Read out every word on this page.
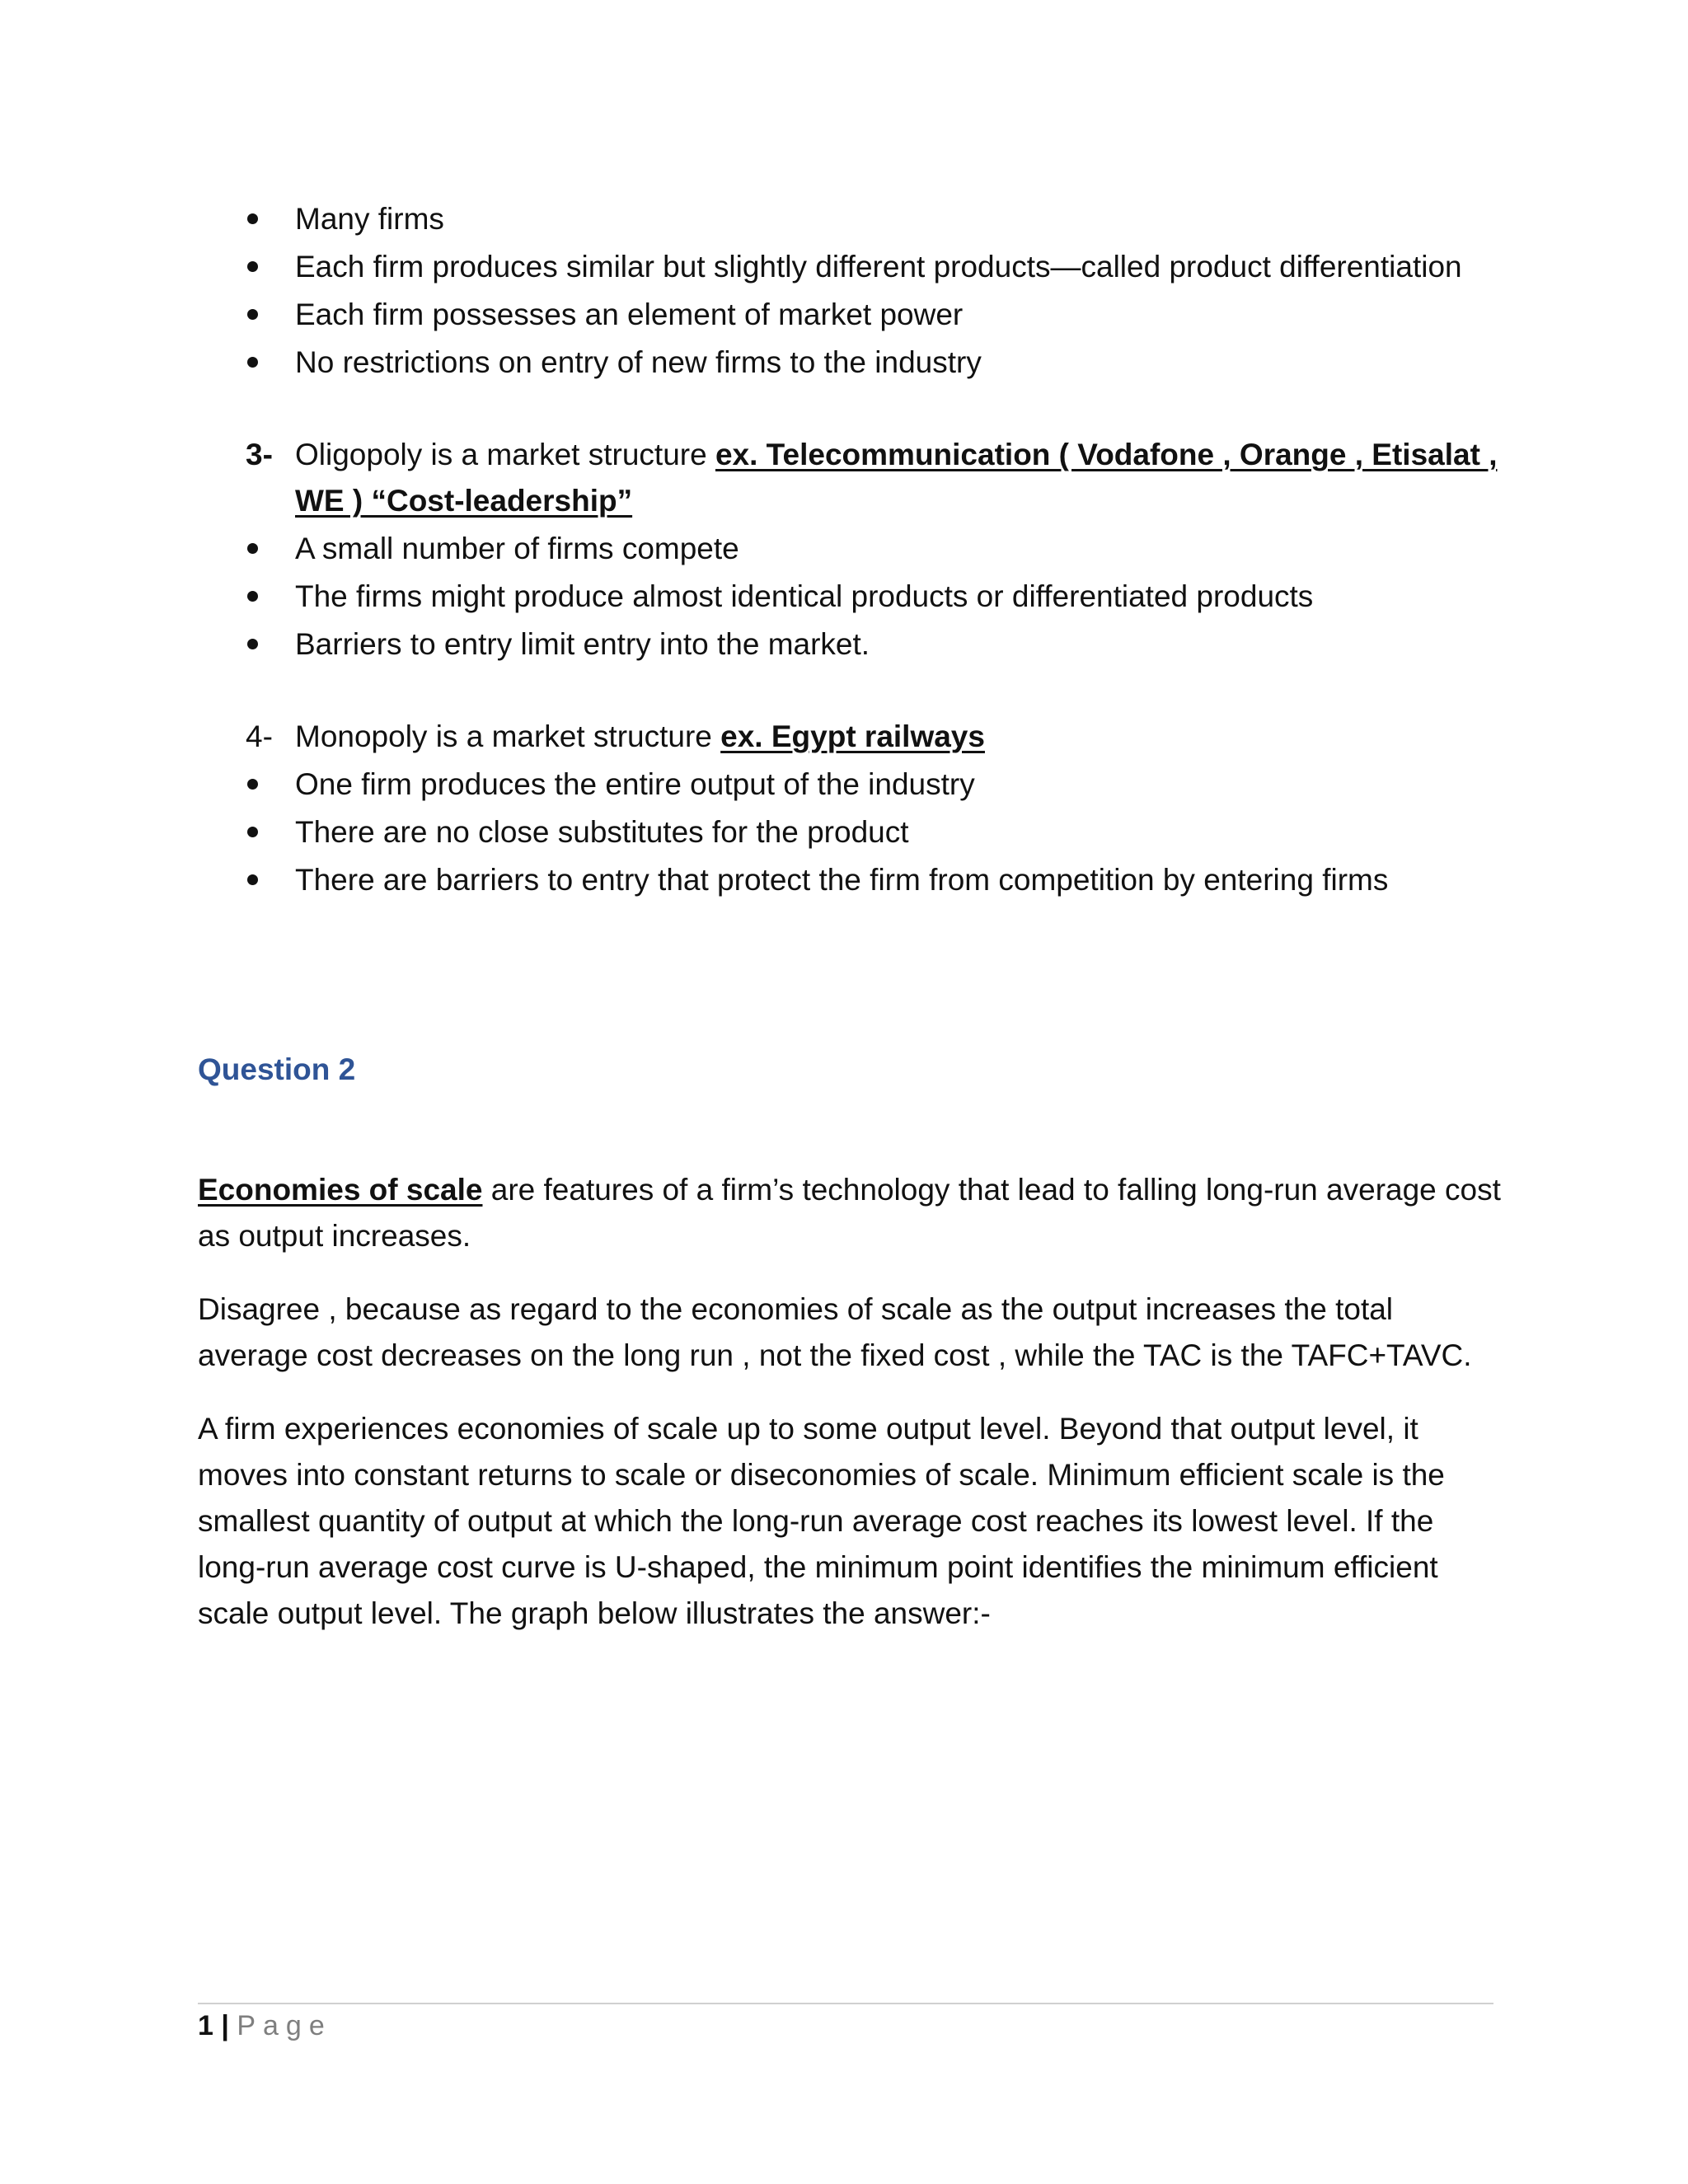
Many firms
Each firm produces similar but slightly different products—called product differentiation
Each firm possesses an element of market power
No restrictions on entry of new firms to the industry
3- Oligopoly is a market structure ex. Telecommunication ( Vodafone , Orange , Etisalat ,
WE ) “Cost-leadership”
A small number of firms compete
The firms might produce almost identical products or differentiated products
Barriers to entry limit entry into the market.
4- Monopoly is a market structure ex. Egypt railways
One firm produces the entire output of the industry
There are no close substitutes for the product
There are barriers to entry that protect the firm from competition by entering firms
Question 2
Economies of scale are features of a firm’s technology that lead to falling long-run average cost
as output increases.
Disagree , because as regard to the economies of scale as the output increases the total
average cost decreases on the long run , not the fixed cost , while the TAC is the TAFC+TAVC.
A firm experiences economies of scale up to some output level. Beyond that output level, it
moves into constant returns to scale or diseconomies of scale. Minimum efficient scale is the
smallest quantity of output at which the long-run average cost reaches its lowest level. If the
long-run average cost curve is U-shaped, the minimum point identifies the minimum efficient
scale output level. The graph below illustrates the answer:-
1 | Page
